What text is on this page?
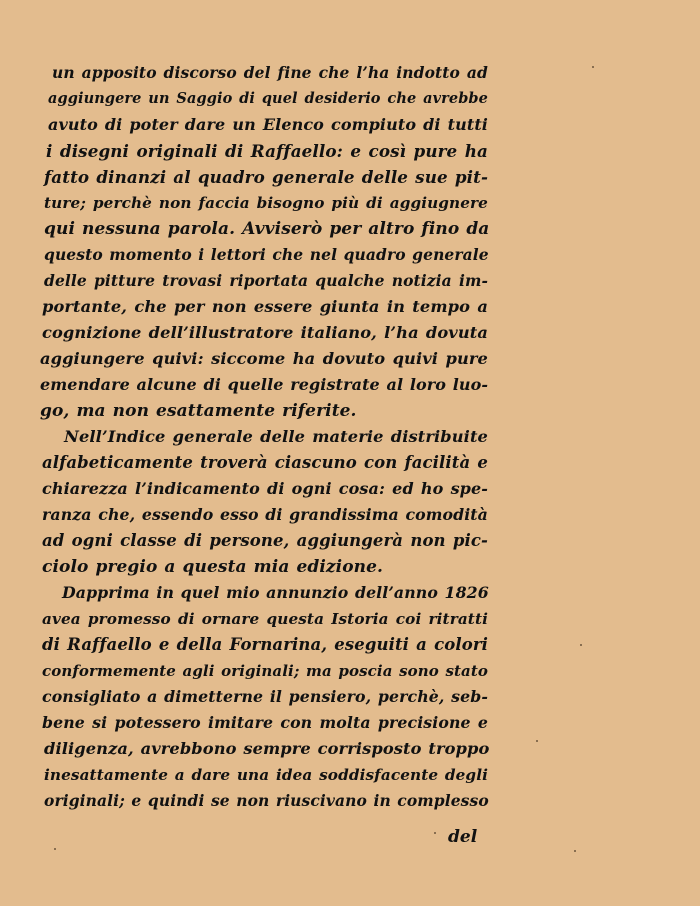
un apposito discorso del fine che l’ha indotto ad
aggiungere un Saggio di quel desiderio che avrebbe
avuto di poter dare un Elenco compiuto di tutti
i disegni originali di Raffaello: e così pure ha
fatto dinanzi al quadro generale delle sue pit-
ture; perchè non faccia bisogno più di aggiugnere
qui nessuna parola. Avviserò per altro fino da
questo momento i lettori che nel quadro generale
delle pitture trovasi riportata qualche notizia im-
portante, che per non essere giunta in tempo a
cognizione dell’illustratore italiano, l’ha dovuta
aggiungere quivi: siccome ha dovuto quivi pure
emendare alcune di quelle registrate al loro luo-
go, ma non esattamente riferite.
Nell’Indice generale delle materie distribuite
alfabeticamente troverà ciascuno con facilità e
chiarezza l’indicamento di ogni cosa: ed ho spe-
ranza che, essendo esso di grandissima comodità
ad ogni classe di persone, aggiungerà non pic-
ciolo pregio a questa mia edizione.
Dapprima in quel mio annunzio dell’anno 1826
avea promesso di ornare questa Istoria coi ritratti
di Raffaello e della Fornarina, eseguiti a colori
conformemente agli originali; ma poscia sono stato
consigliato a dimetterne il pensiero, perchè, seb-
bene si potessero imitare con molta precisione e
diligenza, avrebbono sempre corrisposto troppo
inesattamente a dare una idea soddisfacente degli
originali; e quindi se non riuscivano in complesso
del
